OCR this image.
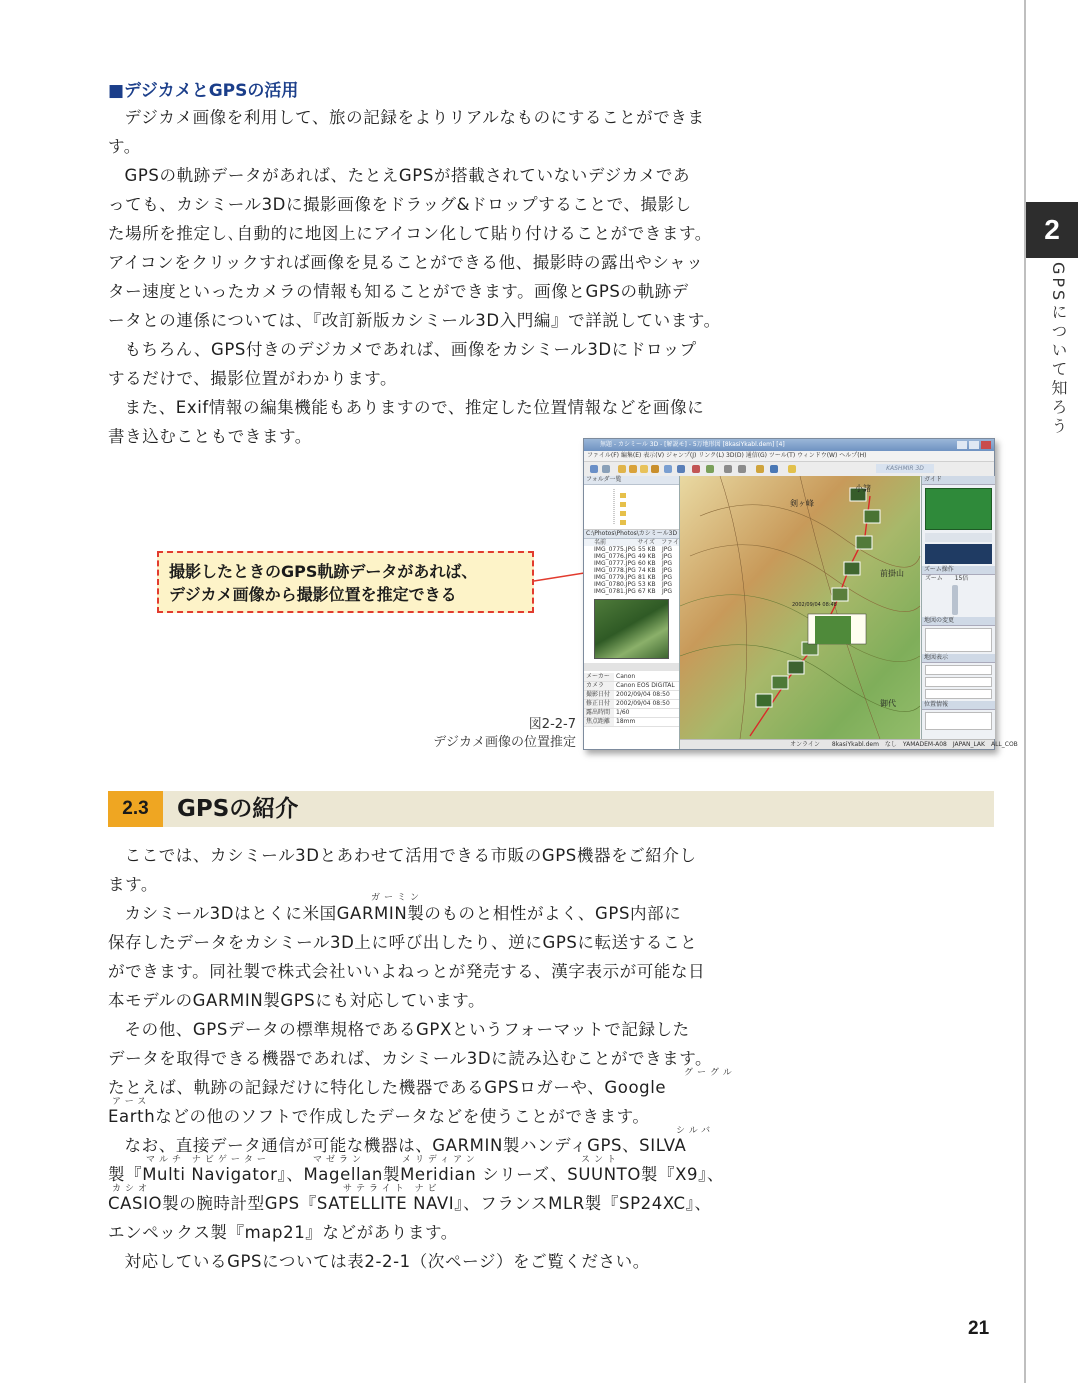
2
GPSについて知ろう
■デジカメとGPSの活用

デジカメ画像を利用して、旅の記録をよりリアルなものにすることができま

す。

GPSの軌跡データがあれば、たとえGPSが搭載されていないデジカメであ

っても、カシミール3Dに撮影画像をドラッグ&ドロップすることで、撮影し

た場所を推定し､自動的に地図上にアイコン化して貼り付けることができます。

アイコンをクリックすれば画像を見ることができる他、撮影時の露出やシャッ

ター速度といったカメラの情報も知ることができます。画像とGPSの軌跡デ

ータとの連係については、『改訂新版カシミール3D入門編』で詳説しています。

もちろん、GPS付きのデジカメであれば、画像をカシミール3Dにドロップ

するだけで、撮影位置がわかります。

また、Exif情報の編集機能もありますので、推定した位置情報などを画像に

書き込むこともできます。

撮影したときのGPS軌跡データがあれば、
デジカメ画像から撮影位置を推定できる
図2-2-7
デジカメ画像の位置推定
無題 - カシミール 3D - [解説モ] - 5万地形図 [8kasiYkabl.dem] [4]
ファイル(F) 編集(E) 表示(V) ジャンプ(J) リンク(L) 3D(D) 通信(G) ツール(T) ウィンドウ(W) ヘルプ(H)
KASHMIR 3D
フォルダ一覧
C:\Photos\Photos\カシミール3D
名前	サイズ	ファイ
IMG_0775.JPG 55 KB	JPG
IMG_0776.JPG 49 KB	JPG
IMG_0777.JPG 60 KB	JPG
IMG_0778.JPG 74 KB	JPG
IMG_0779.JPG 81 KB	JPG
IMG_0780.JPG 53 KB	JPG
IMG_0781.JPG 67 KB	JPG
メーカー	Canon
カメラ	Canon EOS DIGITAL
撮影日付 2002/09/04 08:50
修正日付 2002/09/04 08:50
露出時間 1/60
焦点距離 18mm
2002/09/04 08:48
剣ヶ峰
前掛山
小諸
御代
ガイド
ズーム操作
ズーム　　15倍
地図の変更
地図表示
位置情報
オンライン　　8kasiYkabl.dem　なし　YAMADEM-A08　JAPAN_LAK　ALL_COB
2.3	GPSの紹介
ガーミン
グーグル
アース
シルバ
マルチ ナビゲーター	マゼラン	メリディアン	スント
カシオ	サテライト ナビ

ここでは、カシミール3Dとあわせて活用できる市販のGPS機器をご紹介し

ます。

カシミール3Dはとくに米国GARMIN製のものと相性がよく、GPS内部に

保存したデータをカシミール3D上に呼び出したり、逆にGPSに転送すること

ができます。同社製で株式会社いいよねっとが発売する、漢字表示が可能な日

本モデルのGARMIN製GPSにも対応しています。

その他、GPSデータの標準規格であるGPXというフォーマットで記録した

データを取得できる機器であれば、カシミール3Dに読み込むことができます。

たとえば、軌跡の記録だけに特化した機器であるGPSロガーや、Google

Earthなどの他のソフトで作成したデータなどを使うことができます。

なお、直接データ通信が可能な機器は、GARMIN製ハンディGPS、SILVA

製『Multi Navigator』、Magellan製Meridian シリーズ、SUUNTO製『X9』、

CASIO製の腕時計型GPS『SATELLITE NAVI』、フランスMLR製『SP24XC』、

エンペックス製『map21』などがあります。

対応しているGPSについては表2-2-1（次ページ）をご覧ください。

21
